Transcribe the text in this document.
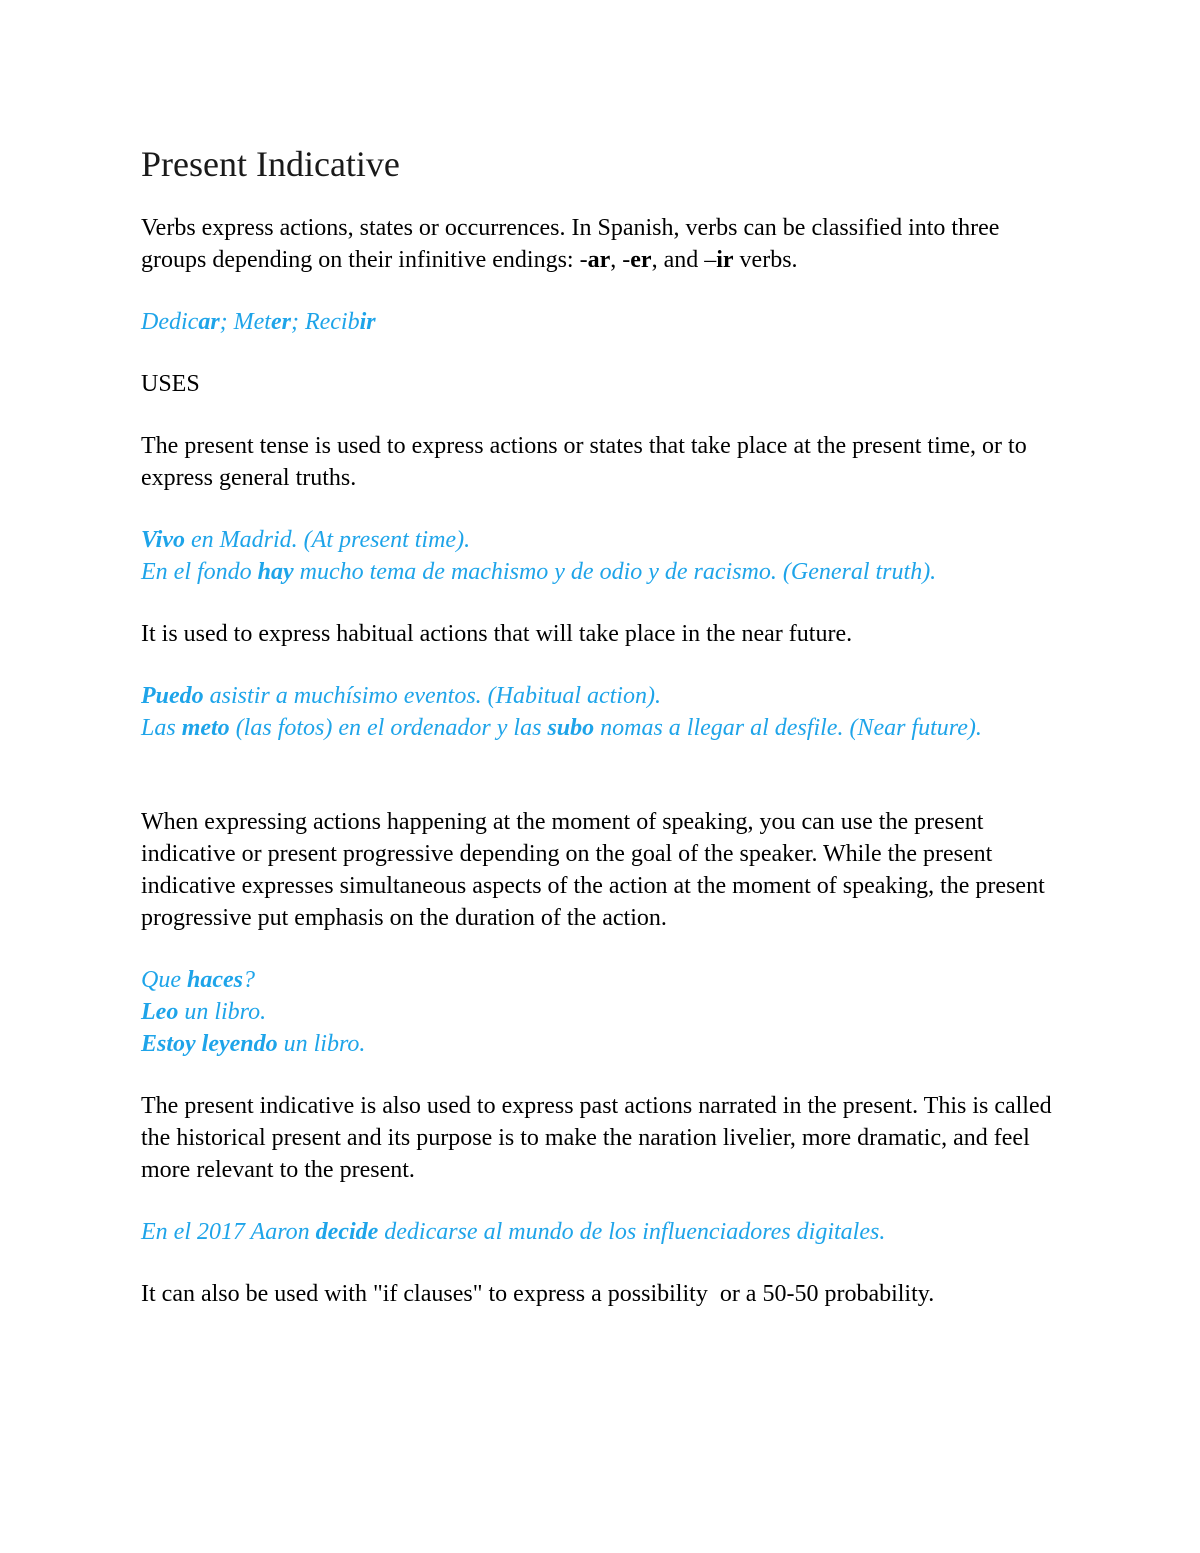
Present Indicative

Verbs express actions, states or occurrences. In Spanish, verbs can be classified into three groups depending on their infinitive endings: -ar, -er, and –ir verbs.

Dedicar; Meter; Recibir

USES

The present tense is used to express actions or states that take place at the present time, or to express general truths.

Vivo en Madrid. (At present time).

En el fondo hay mucho tema de machismo y de odio y de racismo. (General truth).

It is used to express habitual actions that will take place in the near future.

Puedo asistir a muchísimo eventos. (Habitual action).

Las meto (las fotos) en el ordenador y las subo nomas a llegar al desfile. (Near future).

When expressing actions happening at the moment of speaking, you can use the present indicative or present progressive depending on the goal of the speaker. While the present indicative expresses simultaneous aspects of the action at the moment of speaking, the present progressive put emphasis on the duration of the action.

Que haces?

Leo un libro.

Estoy leyendo un libro.

The present indicative is also used to express past actions narrated in the present. This is called the historical present and its purpose is to make the naration livelier, more dramatic, and feel more relevant to the present.

En el 2017 Aaron decide dedicarse al mundo de los influenciadores digitales.

It can also be used with "if clauses" to express a possibility  or a 50-50 probability.
